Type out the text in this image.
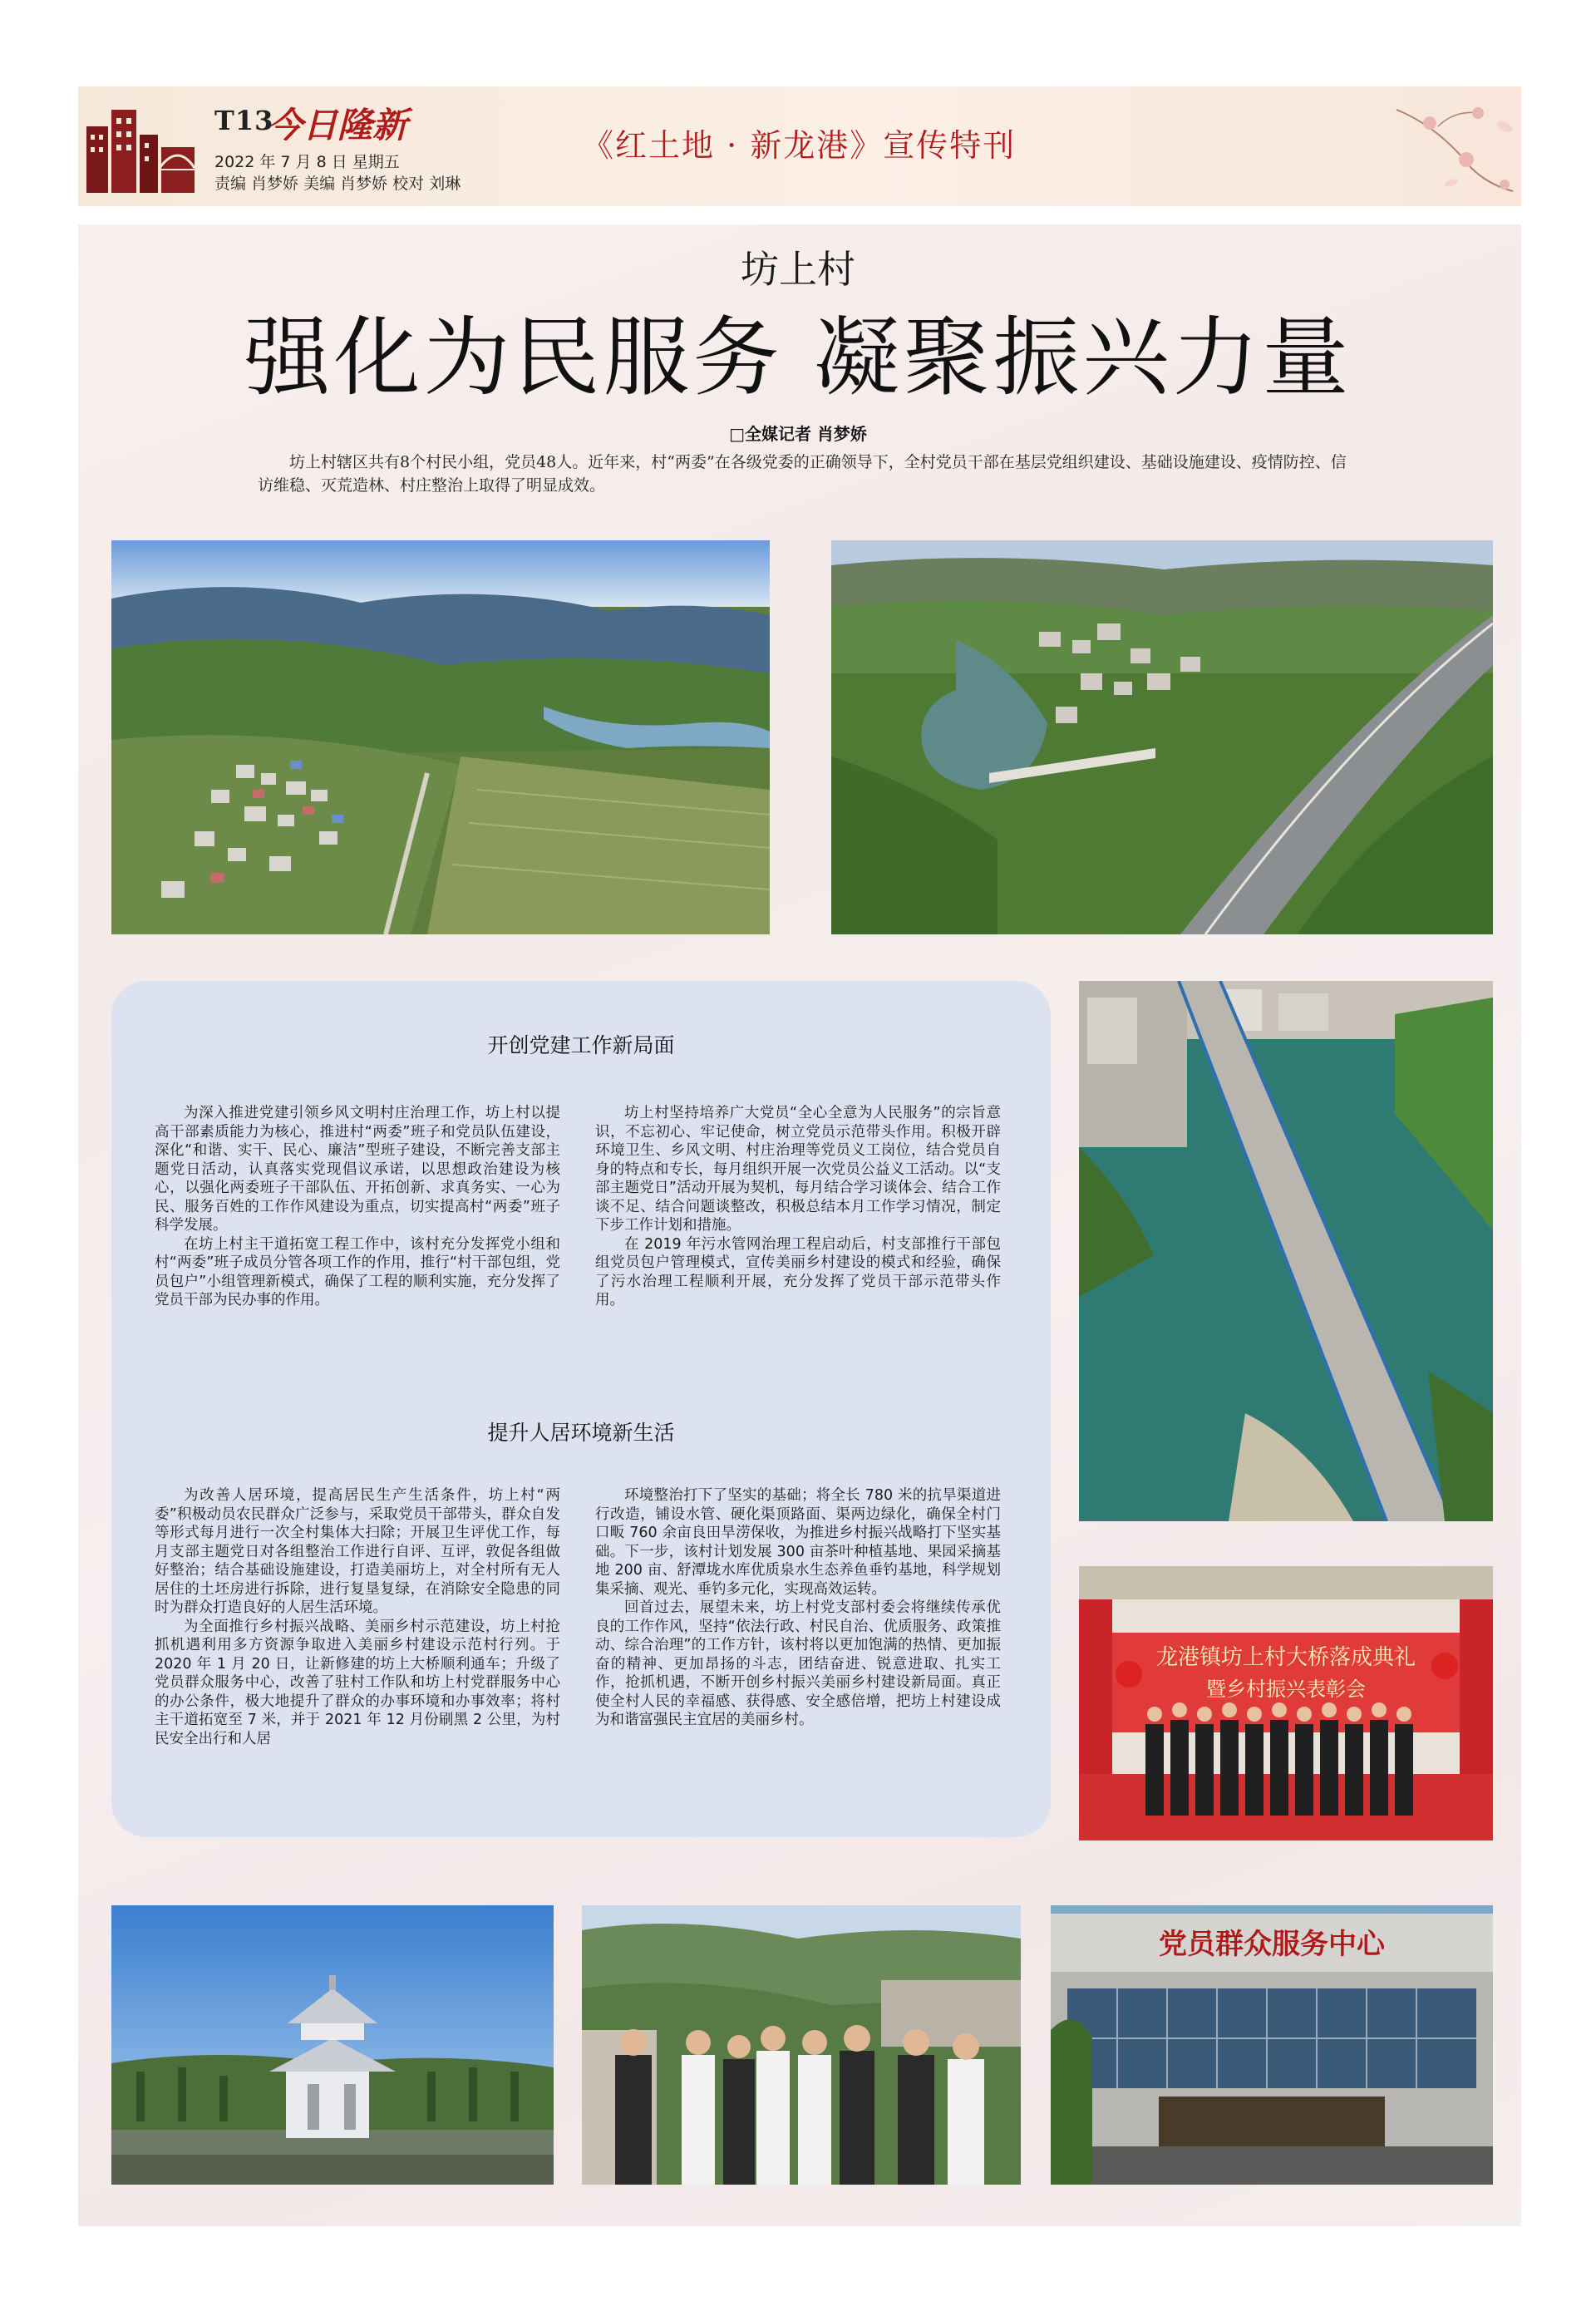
T13
今日隆新
2022 年 7 月 8 日 星期五
责编 肖梦娇 美编 肖梦娇 校对 刘琳
《红土地 · 新龙港》宣传特刊
坊上村
强化为民服务 凝聚振兴力量
□全媒记者 肖梦娇
坊上村辖区共有8个村民小组，党员48人。近年来，村“两委”在各级党委的正确领导下，全村党员干部在基层党组织建设、基础设施建设、疫情防控、信访维稳、灭荒造林、村庄整治上取得了明显成效。
开创党建工作新局面

为深入推进党建引领乡风文明村庄治理工作，坊上村以提高干部素质能力为核心，推进村“两委”班子和党员队伍建设，深化“和谐、实干、民心、廉洁”型班子建设，不断完善支部主题党日活动，认真落实党现倡议承诺，以思想政治建设为核心，以强化两委班子干部队伍、开拓创新、求真务实、一心为民、服务百姓的工作作风建设为重点，切实提高村“两委”班子科学发展。

在坊上村主干道拓宽工程工作中，该村充分发挥党小组和村“两委”班子成员分管各项工作的作用，推行“村干部包组，党员包户”小组管理新模式，确保了工程的顺利实施，充分发挥了党员干部为民办事的作用。

坊上村坚持培养广大党员“全心全意为人民服务”的宗旨意识，不忘初心、牢记使命，树立党员示范带头作用。积极开辟环境卫生、乡风文明、村庄治理等党员义工岗位，结合党员自身的特点和专长，每月组织开展一次党员公益义工活动。以“支部主题党日”活动开展为契机，每月结合学习谈体会、结合工作谈不足、结合问题谈整改，积极总结本月工作学习情况，制定下步工作计划和措施。

在 2019 年污水管网治理工程启动后，村支部推行干部包组党员包户管理模式，宣传美丽乡村建设的模式和经验，确保了污水治理工程顺利开展，充分发挥了党员干部示范带头作用。

提升人居环境新生活

为改善人居环境，提高居民生产生活条件，坊上村“两委”积极动员农民群众广泛参与，采取党员干部带头，群众自发等形式每月进行一次全村集体大扫除；开展卫生评优工作，每月支部主题党日对各组整治工作进行自评、互评，敦促各组做好整治；结合基础设施建设，打造美丽坊上，对全村所有无人居住的土坯房进行拆除，进行复垦复绿，在消除安全隐患的同时为群众打造良好的人居生活环境。

为全面推行乡村振兴战略、美丽乡村示范建设，坊上村抢抓机遇利用多方资源争取进入美丽乡村建设示范村行列。于 2020 年 1 月 20 日，让新修建的坊上大桥顺利通车；升级了党员群众服务中心，改善了驻村工作队和坊上村党群服务中心的办公条件，极大地提升了群众的办事环境和办事效率；将村主干道拓宽至 7 米，并于 2021 年 12 月份刷黑 2 公里，为村民安全出行和人居

环境整治打下了坚实的基础；将全长 780 米的抗旱渠道进行改造，铺设水管、硬化渠顶路面、渠两边绿化，确保全村门口畈 760 余亩良田旱涝保收，为推进乡村振兴战略打下坚实基础。下一步，该村计划发展 300 亩茶叶种植基地、果园采摘基地 200 亩、舒潭垅水库优质泉水生态养鱼垂钓基地，科学规划集采摘、观光、垂钓多元化，实现高效运转。

回首过去，展望未来，坊上村党支部村委会将继续传承优良的工作作风，坚持“依法行政、村民自治、优质服务、政策推动、综合治理”的工作方针，该村将以更加饱满的热情、更加振奋的精神、更加昂扬的斗志，团结奋进、锐意进取、扎实工作，抢抓机遇，不断开创乡村振兴美丽乡村建设新局面。真正使全村人民的幸福感、获得感、安全感倍增，把坊上村建设成为和谐富强民主宜居的美丽乡村。

龙港镇坊上村大桥落成典礼
暨乡村振兴表彰会
党员群众服务中心
